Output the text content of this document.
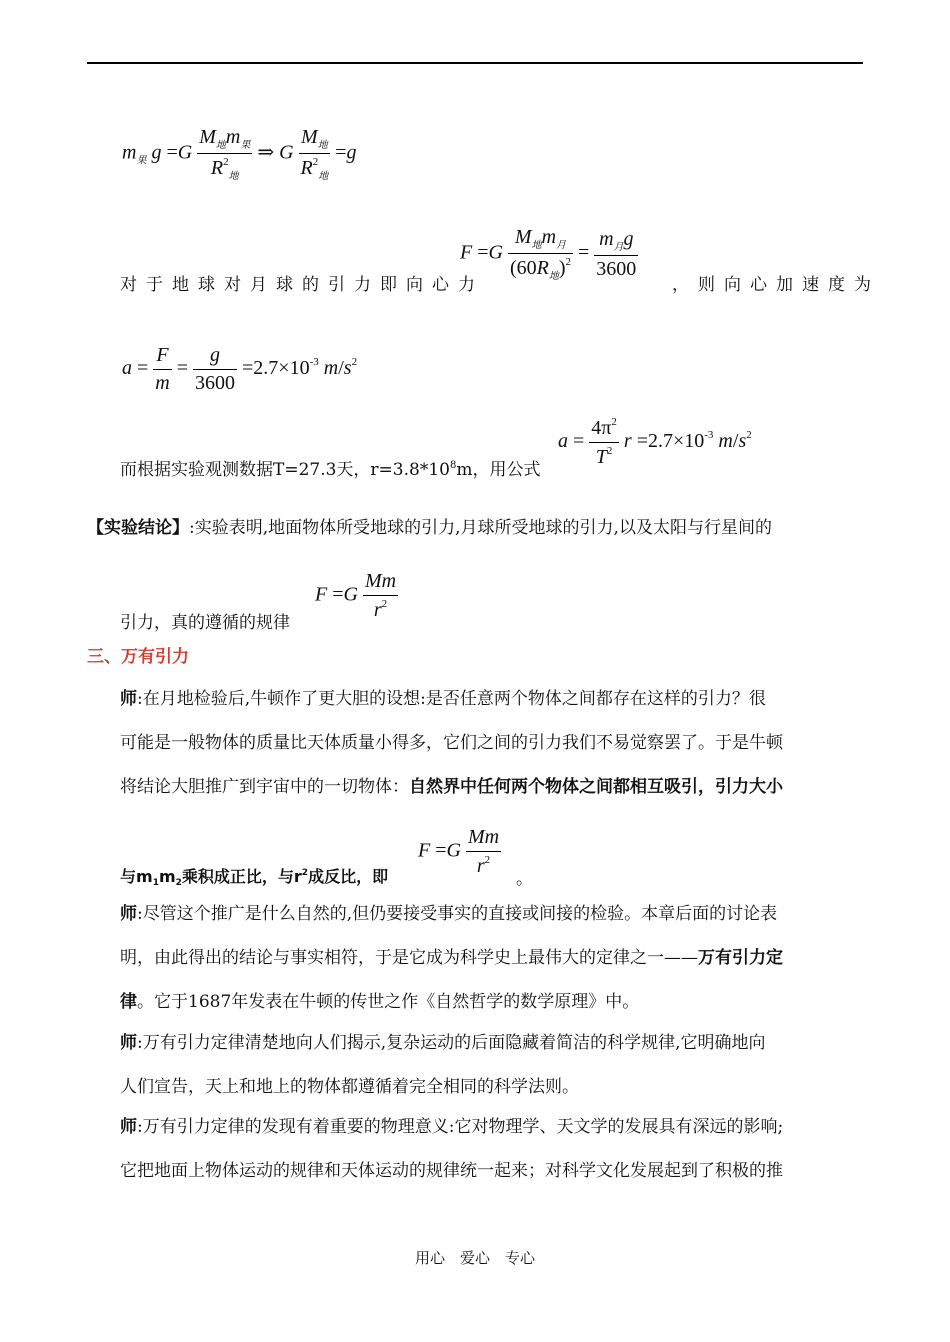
$m_果$ $g =G \frac{M_地m_果}{R^2_地}$ ⇒ G $\frac{M_地}{R^2_地} =g$
对于地球对月球的引力即向心力
$F =G \frac{M_地m_月}{(60R_地)^2} = \frac{m_月g}{3600}$
，则向心加速度为
$a = \frac{F}{m} = \frac{g}{3600} =2.7\times 10^{-3}$ $m/s^2$
而根据实验观测数据T=27.3天，$r=3.8*10^8m$，用公式
$a = \frac{4\pi^2}{T^2}$ $r =2.7\times 10^{-3}$ $m/s^2$
【实验结论】:实验表明,地面物体所受地球的引力,月球所受地球的引力,以及太阳与行星间的
引力，真的遵循的规律
$F =G \frac{Mm}{r^2}$
三、万有引力
师:在月地检验后,牛顿作了更大胆的设想:是否任意两个物体之间都存在这样的引力？很
可能是一般物体的质量比天体质量小得多，它们之间的引力我们不易觉察罢了。于是牛顿
将结论大胆推广到宇宙中的一切物体：自然界中任何两个物体之间都相互吸引，引力大小
与m1m2乘积成正比，与$r^2$成反比，即
$F =G \frac{Mm}{r^2}$
。
师:尽管这个推广是什么自然的,但仍要接受事实的直接或间接的检验。本章后面的讨论表
明，由此得出的结论与事实相符，于是它成为科学史上最伟大的定律之一——万有引力定
律。它于1687年发表在牛顿的传世之作《自然哲学的数学原理》中。
师:万有引力定律清楚地向人们揭示,复杂运动的后面隐藏着简洁的科学规律,它明确地向
人们宣告，天上和地上的物体都遵循着完全相同的科学法则。
师:万有引力定律的发现有着重要的物理意义:它对物理学、天文学的发展具有深远的影响;
它把地面上物体运动的规律和天体运动的规律统一起来；对科学文化发展起到了积极的推
用心　爱心　专心
